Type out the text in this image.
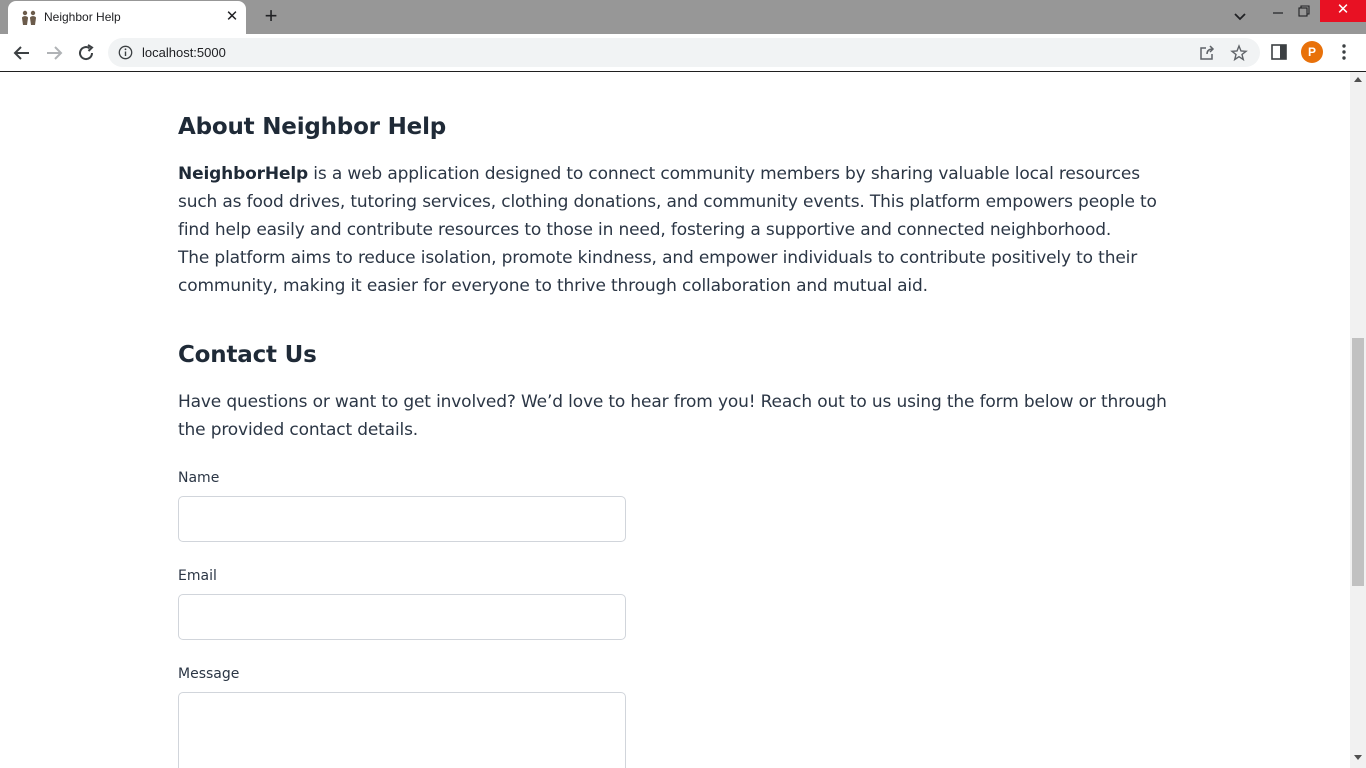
Neighbor Help	✕ +	✕
localhost:5000	P
About Neighbor Help
NeighborHelp is a web application designed to connect community members by sharing valuable local resources such as food drives, tutoring services, clothing donations, and community events. This platform empowers people to find help easily and contribute resources to those in need, fostering a supportive and connected neighborhood.
The platform aims to reduce isolation, promote kindness, and empower individuals to contribute positively to their community, making it easier for everyone to thrive through collaboration and mutual aid.
Contact Us
Have questions or want to get involved? We’d love to hear from you! Reach out to us using the form below or through the provided contact details.
Name
Email
Message
